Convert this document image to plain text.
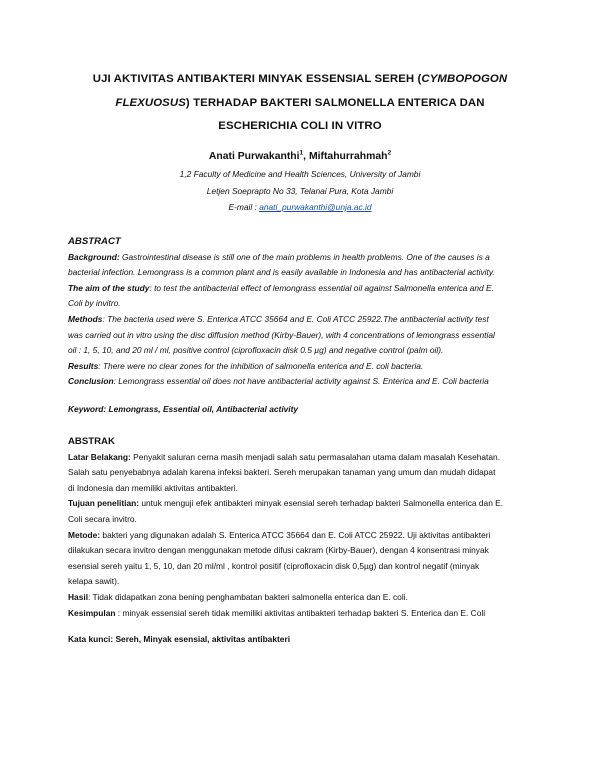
UJI AKTIVITAS ANTIBAKTERI MINYAK ESSENSIAL SEREH (CYMBOPOGON
FLEXUOSUS) TERHADAP BAKTERI SALMONELLA ENTERICA DAN
ESCHERICHIA COLI IN VITRO
Anati Purwakanthi$^1$, Miftahurrahmah$^2$
1,2 Faculty of Medicine and Health Sciences, University of Jambi
Letjen Soeprapto No 33, Telanai Pura, Kota Jambi
E-mail : anati_purwakanthi@unja.ac.id

ABSTRACT

Background: Gastrointestinal disease is still one of the main problems in health problems. One of the causes is a

bacterial infection. Lemongrass is a common plant and is easily available in Indonesia and has antibacterial activity.

The aim of the study: to test the antibacterial effect of lemongrass essential oil against Salmonella enterica and E.

Coli by invitro.

Methods: The bacteria used were S. Enterica ATCC 35664 and E. Coli ATCC 25922.The antibacterial activity test

was carried out in vitro using the disc diffusion method (Kirby-Bauer), with 4 concentrations of lemongrass essential

oil : 1, 5, 10, and 20 ml / ml, positive control (ciprofloxacin disk 0.5 µg) and negative control (palm oil).

Results: There were no clear zones for the inhibition of salmonella enterica and E. coli bacteria.

Conclusion: Lemongrass essential oil does not have antibacterial activity against S. Enterica and E. Coli bacteria

Keyword: Lemongrass, Essential oil, Antibacterial activity

ABSTRAK

Latar Belakang: Penyakit saluran cerna masih menjadi salah satu permasalahan utama dalam masalah Kesehatan.

Salah satu penyebabnya adalah karena infeksi bakteri. Sereh merupakan tanaman yang umum dan mudah didapat

di Indonesia dan memiliki aktivitas antibakteri.

Tujuan penelitian: untuk menguji efek antibakteri minyak esensial sereh terhadap bakteri Salmonella enterica dan E.

Coli secara invitro.

Metode: bakteri yang digunakan adalah S. Enterica ATCC 35664 dan E. Coli ATCC 25922. Uji aktivitas antibakteri

dilakukan secara invitro dengan menggunakan metode difusi cakram (Kirby-Bauer), dengan 4 konsentrasi minyak

esensial sereh yaitu 1, 5, 10, dan 20 ml/ml , kontrol positif (ciprofloxacin disk 0,5µg) dan kontrol negatif (minyak

kelapa sawit).

Hasil: Tidak didapatkan zona bening penghambatan bakteri salmonella enterica dan E. coli.

Kesimpulan : minyak essensial sereh tidak memiliki aktivitas antibakteri terhadap bakteri S. Enterica dan E. Coli

Kata kunci: Sereh, Minyak esensial, aktivitas antibakteri
